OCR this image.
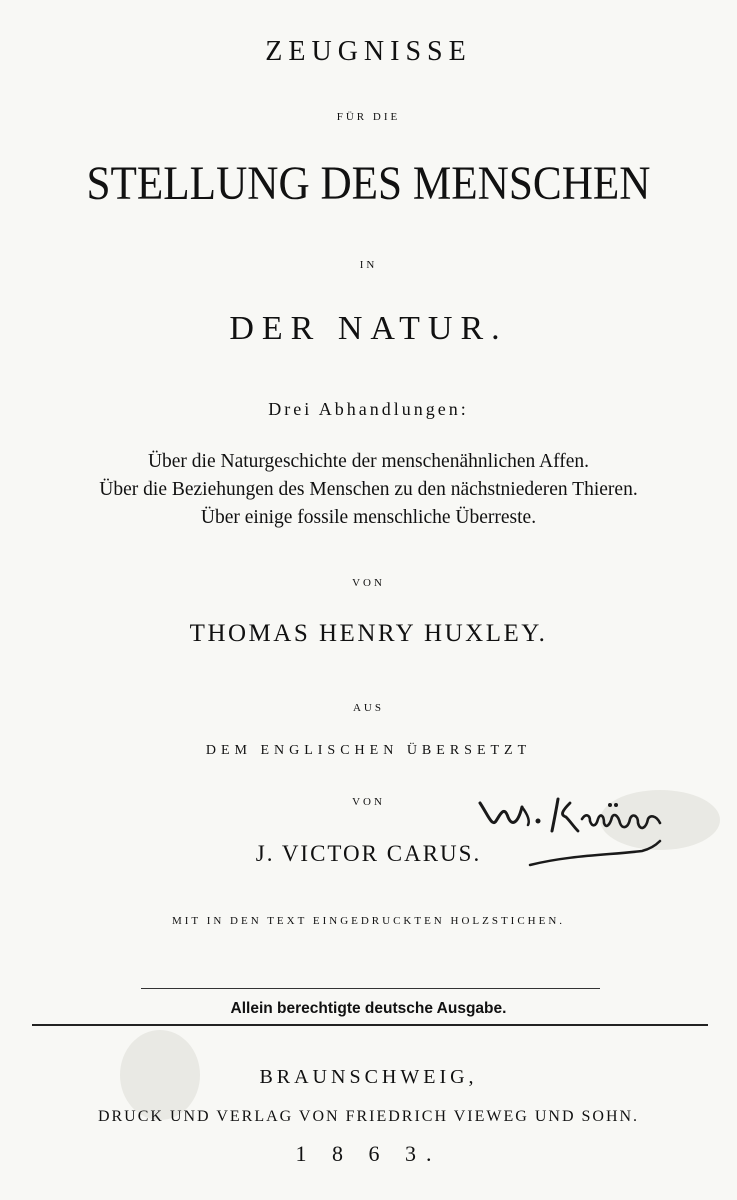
ZEUGNISSE
FÜR DIE
STELLUNG DES MENSCHEN
IN
DER NATUR.
Drei Abhandlungen:
Über die Naturgeschichte der menschenähnlichen Affen.
Über die Beziehungen des Menschen zu den nächstniederen Thieren.
Über einige fossile menschliche Überreste.
VON
THOMAS HENRY HUXLEY.
AUS
DEM ENGLISCHEN ÜBERSETZT
VON
J. VICTOR CARUS.
MIT IN DEN TEXT EINGEDRUCKTEN HOLZSTICHEN.
Allein berechtigte deutsche Ausgabe.
BRAUNSCHWEIG,
DRUCK UND VERLAG VON FRIEDRICH VIEWEG UND SOHN.
1 8 6 3.
